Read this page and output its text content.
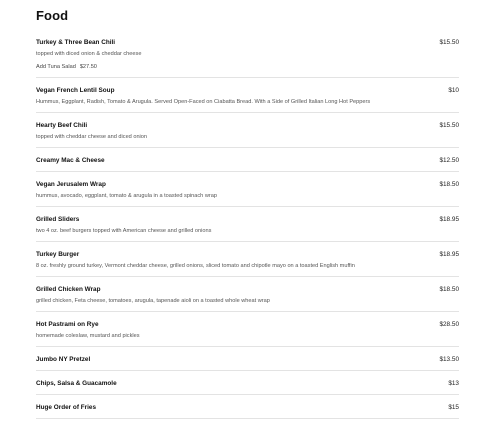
Food
Turkey & Three Bean Chili	$15.50
topped with diced onion & cheddar cheese
Add Tuna Salad $27.50
Vegan French Lentil Soup	$10
Hummus, Eggplant, Radish, Tomato & Arugula. Served Open-Faced on Ciabatta Bread. With a Side of Grilled Italian Long Hot Peppers
Hearty Beef Chili	$15.50
topped with cheddar cheese and diced onion
Creamy Mac & Cheese	$12.50
Vegan Jerusalem Wrap	$18.50
hummus, avocado, eggplant, tomato & arugula in a toasted spinach wrap
Grilled Sliders	$18.95
two 4 oz. beef burgers topped with American cheese and grilled onions
Turkey Burger	$18.95
8 oz. freshly ground turkey, Vermont cheddar cheese, grilled onions, sliced tomato and chipotle mayo on a toasted English muffin
Grilled Chicken Wrap	$18.50
grilled chicken, Feta cheese, tomatoes, arugula, tapenade aioli on a toasted whole wheat wrap
Hot Pastrami on Rye	$28.50
homemade coleslaw, mustard and pickles
Jumbo NY Pretzel	$13.50
Chips, Salsa & Guacamole	$13
Huge Order of Fries	$15
